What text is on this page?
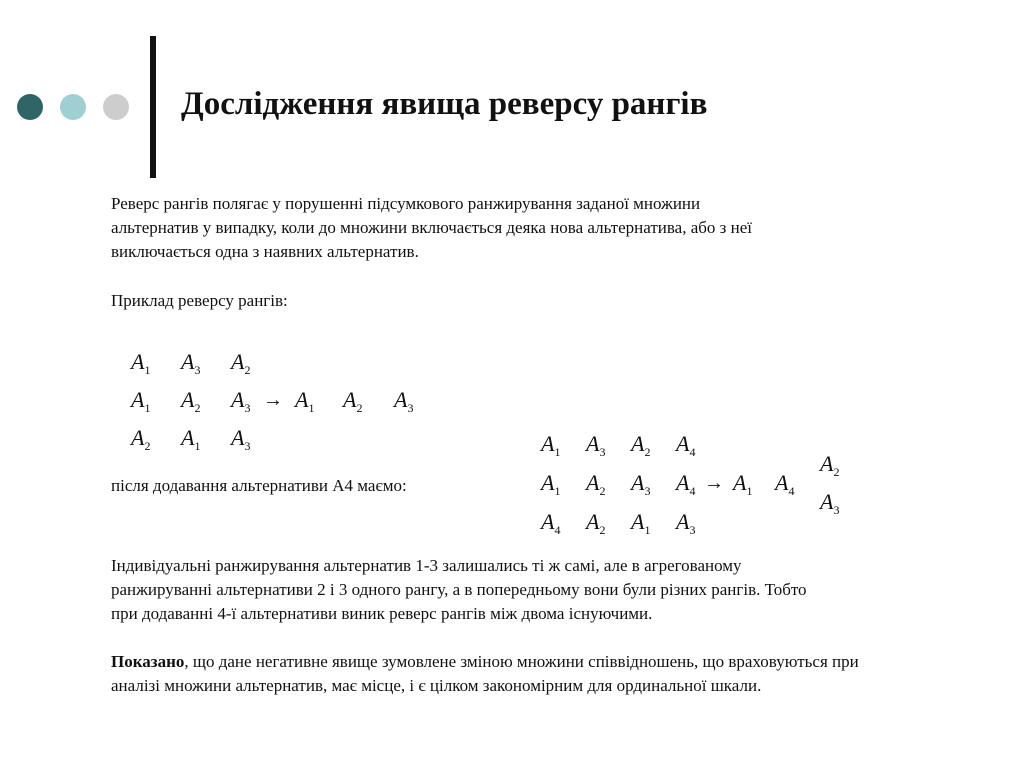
Дослідження явища реверсу рангів
Реверс рангів полягає у порушенні підсумкового ранжирування заданої множини
альтернатив у випадку, коли до множини включається деяка нова альтернатива, або з неї
виключається одна з наявних альтернатив.
Приклад реверсу рангів:
$A_1$ $A_3$ $A_2$
$A_1$ $A_2$ $A_3 \to A_1$ $A_2$ $A_3$
$A_2$ $A_1$ $A_3$
після додавання альтернативи A4 маємо:
$A_1$ $A_3$ $A_2$ $A_4$
$A_1$ $A_2$ $A_3$ $A_4 \to A_1$ $A_4$
$A_4$ $A_2$ $A_1$ $A_3$
$A_2$
$A_3$
Індивідуальні ранжирування альтернатив 1-3 залишались ті ж самі, але в агрегованому
ранжируванні альтернативи 2 і 3 одного рангу, а в попередньому вони були різних рангів. Тобто
при додаванні 4-ї альтернативи виник реверс рангів між двома існуючими.
Показано, що дане негативне явище зумовлене зміною множини співвідношень, що враховуються при
аналізі множини альтернатив, має місце, і є цілком закономірним для ординальної шкали.
